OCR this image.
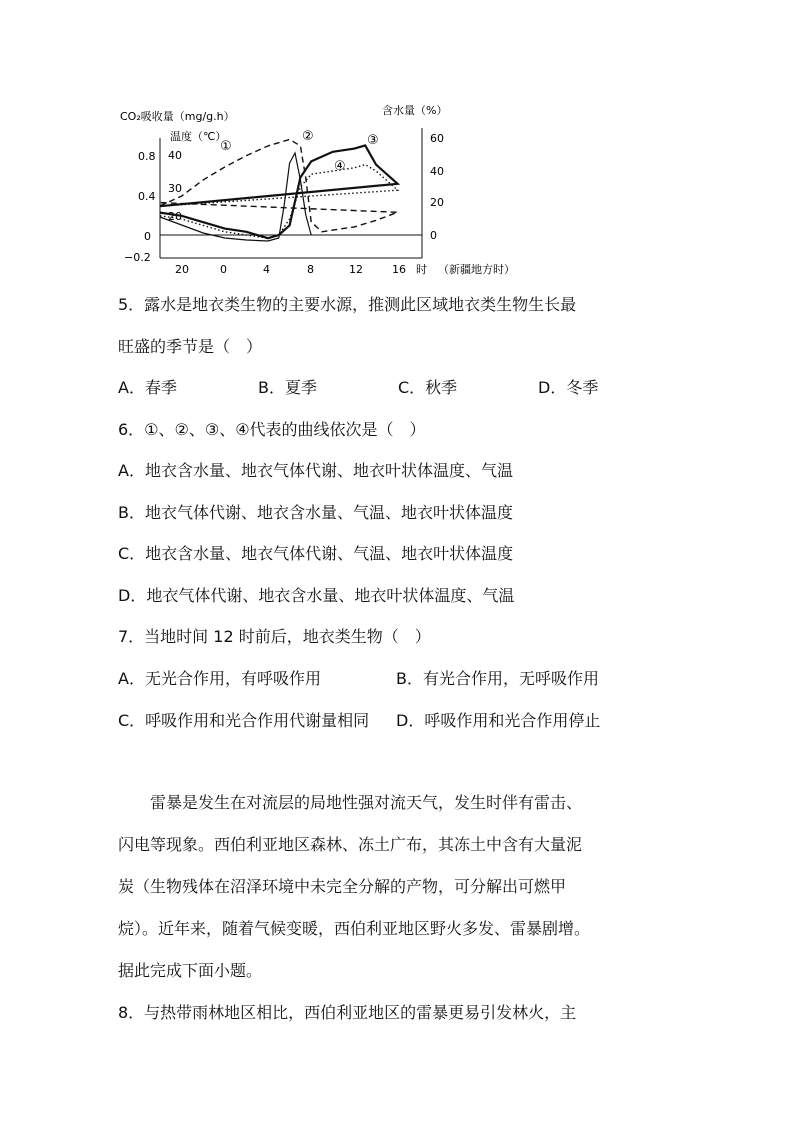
CO₂吸收量（mg/g.h）
温度（℃）
含水量（%）
0.8
0.4
0
−0.2
40
30
20
60
40
20
0
①
②	③
④
20	0	4	8	12	16 时 （新疆地方时）
5．露水是地衣类生物的主要水源，推测此区域地衣类生物生长最
旺盛的季节是（　）
A．春季	B．夏季	C．秋季	D．冬季
6．①、②、③、④代表的曲线依次是（　）
A．地衣含水量、地衣气体代谢、地衣叶状体温度、气温
B．地衣气体代谢、地衣含水量、气温、地衣叶状体温度
C．地衣含水量、地衣气体代谢、气温、地衣叶状体温度
D．地衣气体代谢、地衣含水量、地衣叶状体温度、气温
7．当地时间 12 时前后，地衣类生物（　）
A．无光合作用，有呼吸作用	B．有光合作用，无呼吸作用
C．呼吸作用和光合作用代谢量相同 D．呼吸作用和光合作用停止
　　雷暴是发生在对流层的局地性强对流天气，发生时伴有雷击、
闪电等现象。西伯利亚地区森林、冻土广布，其冻土中含有大量泥
炭（生物残体在沼泽环境中未完全分解的产物，可分解出可燃甲
烷）。近年来，随着气候变暖，西伯利亚地区野火多发、雷暴剧增。
据此完成下面小题。
8．与热带雨林地区相比，西伯利亚地区的雷暴更易引发林火，主
